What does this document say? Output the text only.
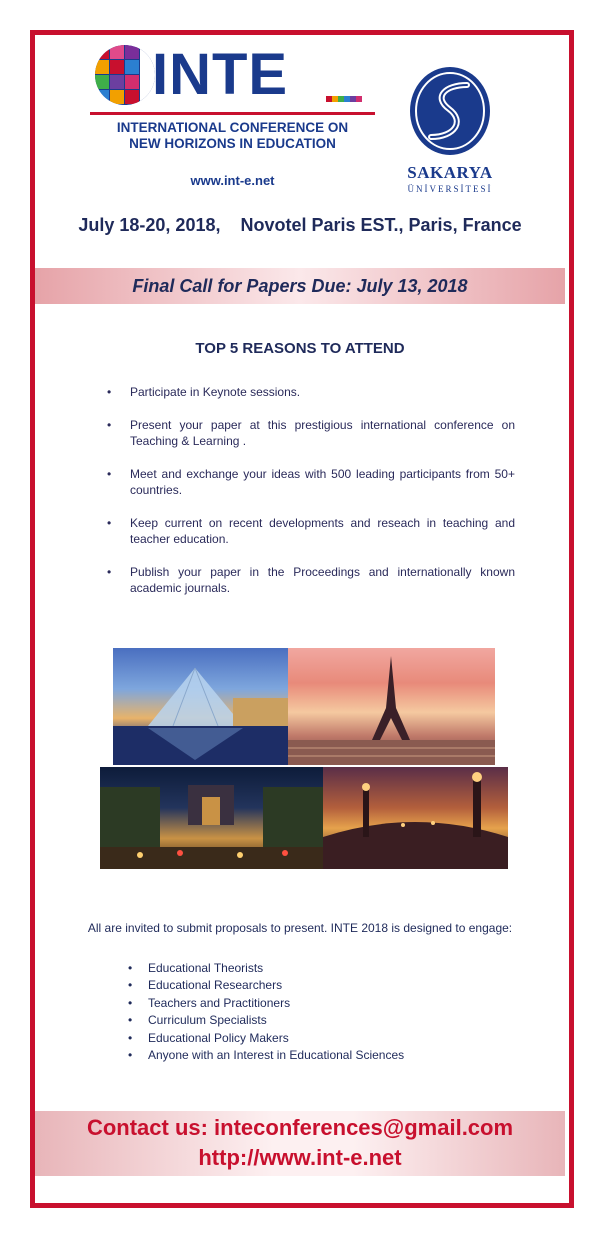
INTE
INTERNATIONAL CONFERENCE ON
NEW HORIZONS IN EDUCATION
www.int-e.net	SAKARYA
ÜNİVERSİTESİ
July 18-20, 2018,    Novotel Paris EST., Paris, France
Final Call for Papers Due: July 13, 2018
TOP 5 REASONS TO ATTEND
• Participate in Keynote sessions.
• Present your paper at this prestigious international conference on Teaching & Learning .
• Meet and exchange your ideas with 500 leading participants from 50+ countries.
• Keep current on recent developments and reseach in teaching and teacher education.
• Publish your paper in the Proceedings and internationally known academic journals.
All are invited to submit proposals to present. INTE 2018 is designed to engage:
• Educational Theorists
• Educational Researchers
• Teachers and Practitioners
• Curriculum Specialists
• Educational Policy Makers
• Anyone with an Interest in Educational Sciences
Contact us: inteconferences@gmail.com
http://www.int-e.net
